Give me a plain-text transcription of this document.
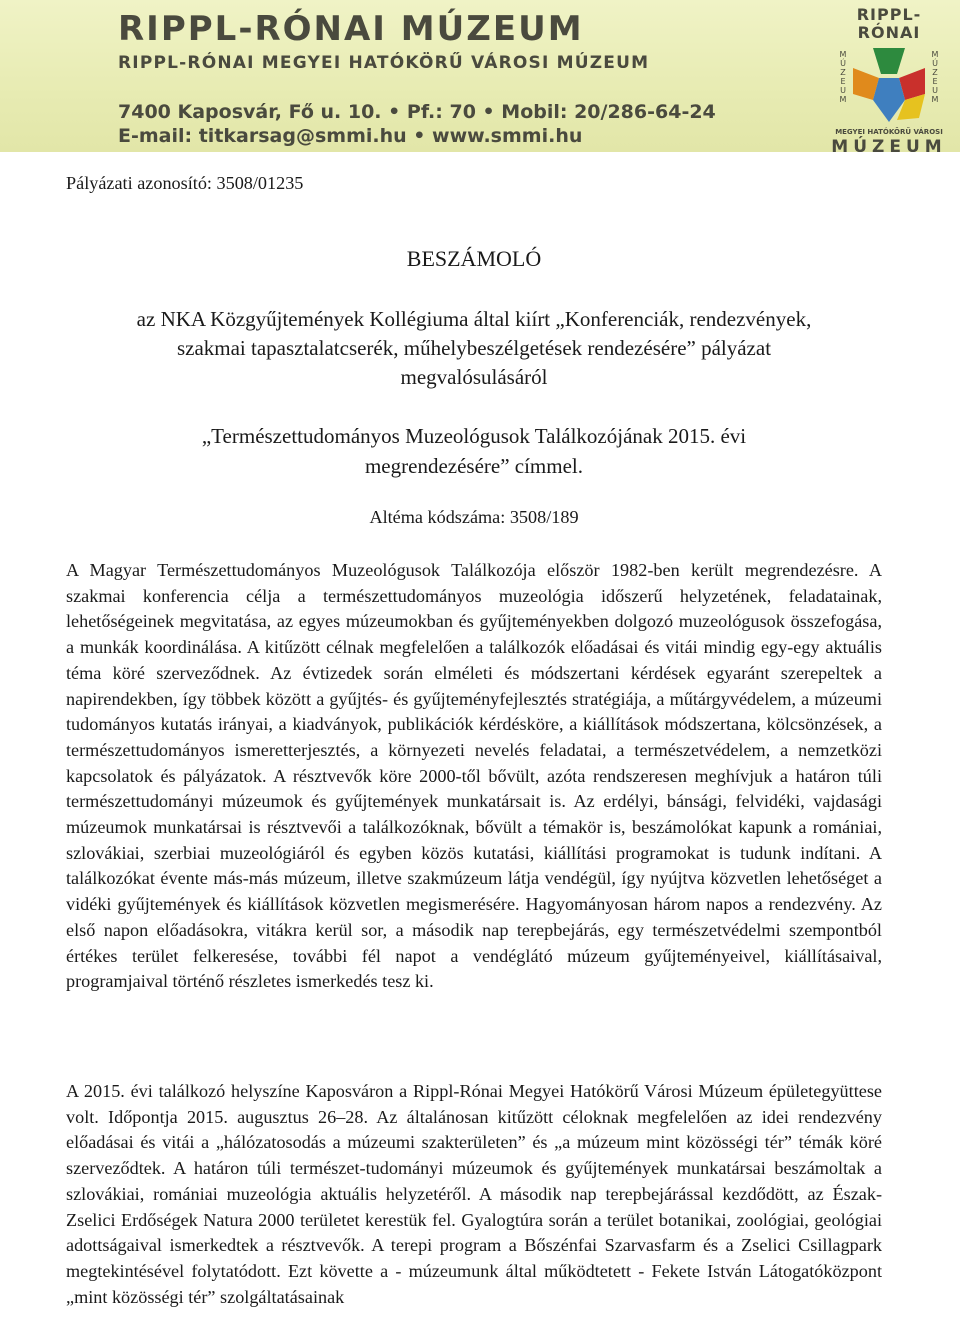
RIPPL-RÓNAI MÚZEUM
RIPPL-RÓNAI MEGYEI HATÓKÖRŰ VÁROSI MÚZEUM
7400 Kaposvár, Fő u. 10. • Pf.: 70 • Mobil: 20/286-64-24
E-mail: titkarsag@smmi.hu • www.smmi.hu
RIPPL-RÓNAI
MÚZEUM
MÚZEUM
MEGYEI HATÓKÖRŰ VÁROSI
MÚZEUM
Pályázati azonosító: 3508/01235
BESZÁMOLÓ
az NKA Közgyűjtemények Kollégiuma által kiírt „Konferenciák, rendezvények,
szakmai tapasztalatcserék, műhelybeszélgetések rendezésére” pályázat
megvalósulásáról
„Természettudományos Muzeológusok Találkozójának 2015. évi
megrendezésére” címmel.
Altéma kódszáma: 3508/189

A Magyar Természettudományos Muzeológusok Találkozója először 1982-ben került megrendezésre. A szakmai konferencia célja a természettudományos muzeológia időszerű helyzetének, feladatainak, lehetőségeinek megvitatása, az egyes múzeumokban és gyűjteményekben dolgozó muzeológusok összefogása, a munkák koordinálása. A kitűzött célnak megfelelően a találkozók előadásai és vitái mindig egy-egy aktuális téma köré szerveződnek. Az évtizedek során elméleti és módszertani kérdések egyaránt szerepeltek a napirendekben, így többek között a gyűjtés- és gyűjteményfejlesztés stratégiája, a műtárgyvédelem, a múzeumi tudományos kutatás irányai, a kiadványok, publikációk kérdésköre, a kiállítások módszertana, kölcsönzések, a természettudományos ismeretterjesztés, a környezeti nevelés feladatai, a természetvédelem, a nemzetközi kapcsolatok és pályázatok. A résztvevők köre 2000-től bővült, azóta rendszeresen meghívjuk a határon túli természettudományi múzeumok és gyűjtemények munkatársait is. Az erdélyi, bánsági, felvidéki, vajdasági múzeumok munkatársai is résztvevői a találkozóknak, bővült a témakör is, beszámolókat kapunk a romániai, szlovákiai, szerbiai muzeológiáról és egyben közös kutatási, kiállítási programokat is tudunk indítani. A találkozókat évente más-más múzeum, illetve szakmúzeum látja vendégül, így nyújtva közvetlen lehetőséget a vidéki gyűjtemények és kiállítások közvetlen megismerésére. Hagyományosan három napos a rendezvény. Az első napon előadásokra, vitákra kerül sor, a második nap terepbejárás, egy természetvédelmi szempontból értékes terület felkeresése, további fél napot a vendéglátó múzeum gyűjteményeivel, kiállításaival, programjaival történő részletes ismerkedés tesz ki.

A 2015. évi találkozó helyszíne Kaposváron a Rippl-Rónai Megyei Hatókörű Városi Múzeum épületegyüttese volt. Időpontja 2015. augusztus 26–28. Az általánosan kitűzött céloknak megfelelően az idei rendezvény előadásai és vitái a „hálózatosodás a múzeumi szakterületen” és „a múzeum mint közösségi tér” témák köré szerveződtek. A határon túli természet-tudományi múzeumok és gyűjtemények munkatársai beszámoltak a szlovákiai, romániai muzeológia aktuális helyzetéről. A második nap terepbejárással kezdődött, az Észak-Zselici Erdőségek Natura 2000 területet kerestük fel. Gyalogtúra során a terület botanikai, zoológiai, geológiai adottságaival ismerkedtek a résztvevők. A terepi program a Bőszénfai Szarvasfarm és a Zselici Csillagpark megtekintésével folytatódott. Ezt követte a - múzeumunk által működtetett - Fekete István Látogatóközpont „mint közösségi tér” szolgáltatásainak
